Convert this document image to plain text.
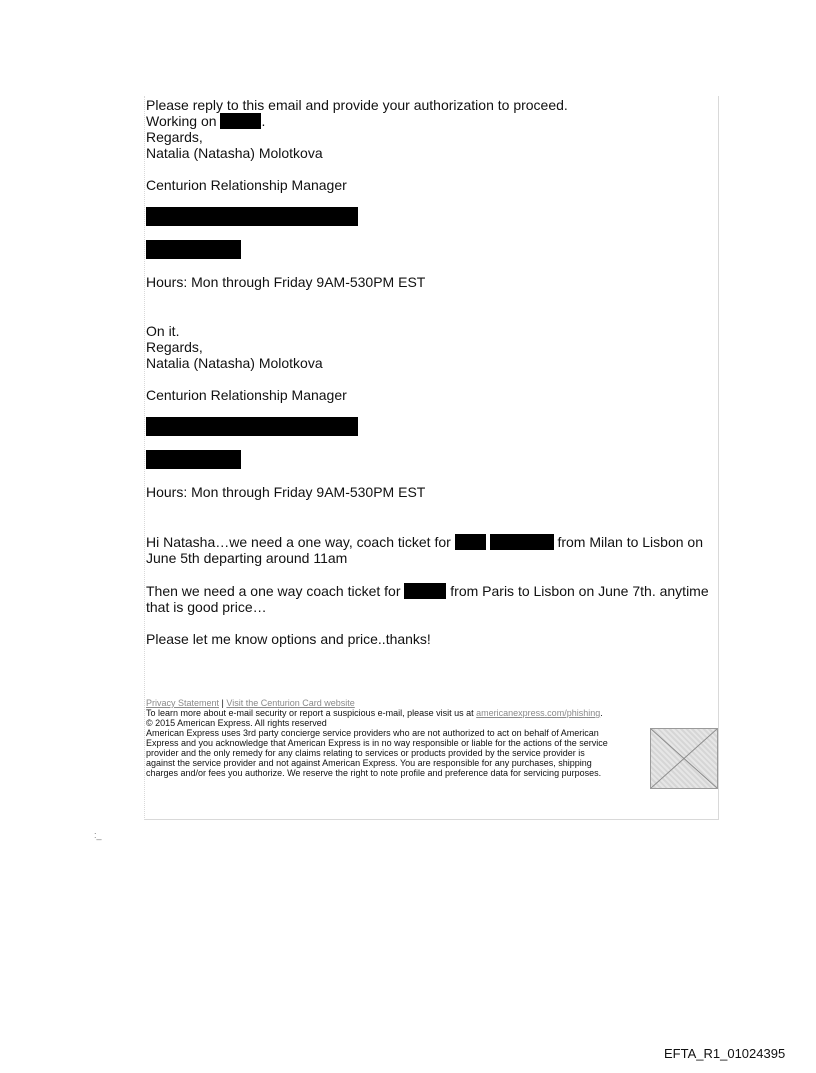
Please reply to this email and provide your authorization to proceed.
Working on	.
Regards,
Natalia (Natasha) Molotkova
Centurion Relationship Manager
Hours: Mon through Friday 9AM-530PM EST
On it.
Regards,
Natalia (Natasha) Molotkova
Centurion Relationship Manager
Hours: Mon through Friday 9AM-530PM EST
Hi Natasha…we need a one way, coach ticket for	from Milan to Lisbon on
June 5th departing around 11am
Then we need a one way coach ticket for	from Paris to Lisbon on June 7th. anytime
that is good price…
Please let me know options and price..thanks!
Privacy Statement | Visit the Centurion Card website
To learn more about e-mail security or report a suspicious e-mail, please visit us at americanexpress.com/phishing.
© 2015 American Express. All rights reserved
American Express uses 3rd party concierge service providers who are not authorized to act on behalf of American
Express and you acknowledge that American Express is in no way responsible or liable for the actions of the service
provider and the only remedy for any claims relating to services or products provided by the service provider is
against the service provider and not against American Express. You are responsible for any purchases, shipping
charges and/or fees you authorize. We reserve the right to note profile and preference data for servicing purposes.
:_
EFTA_R1_01024395
